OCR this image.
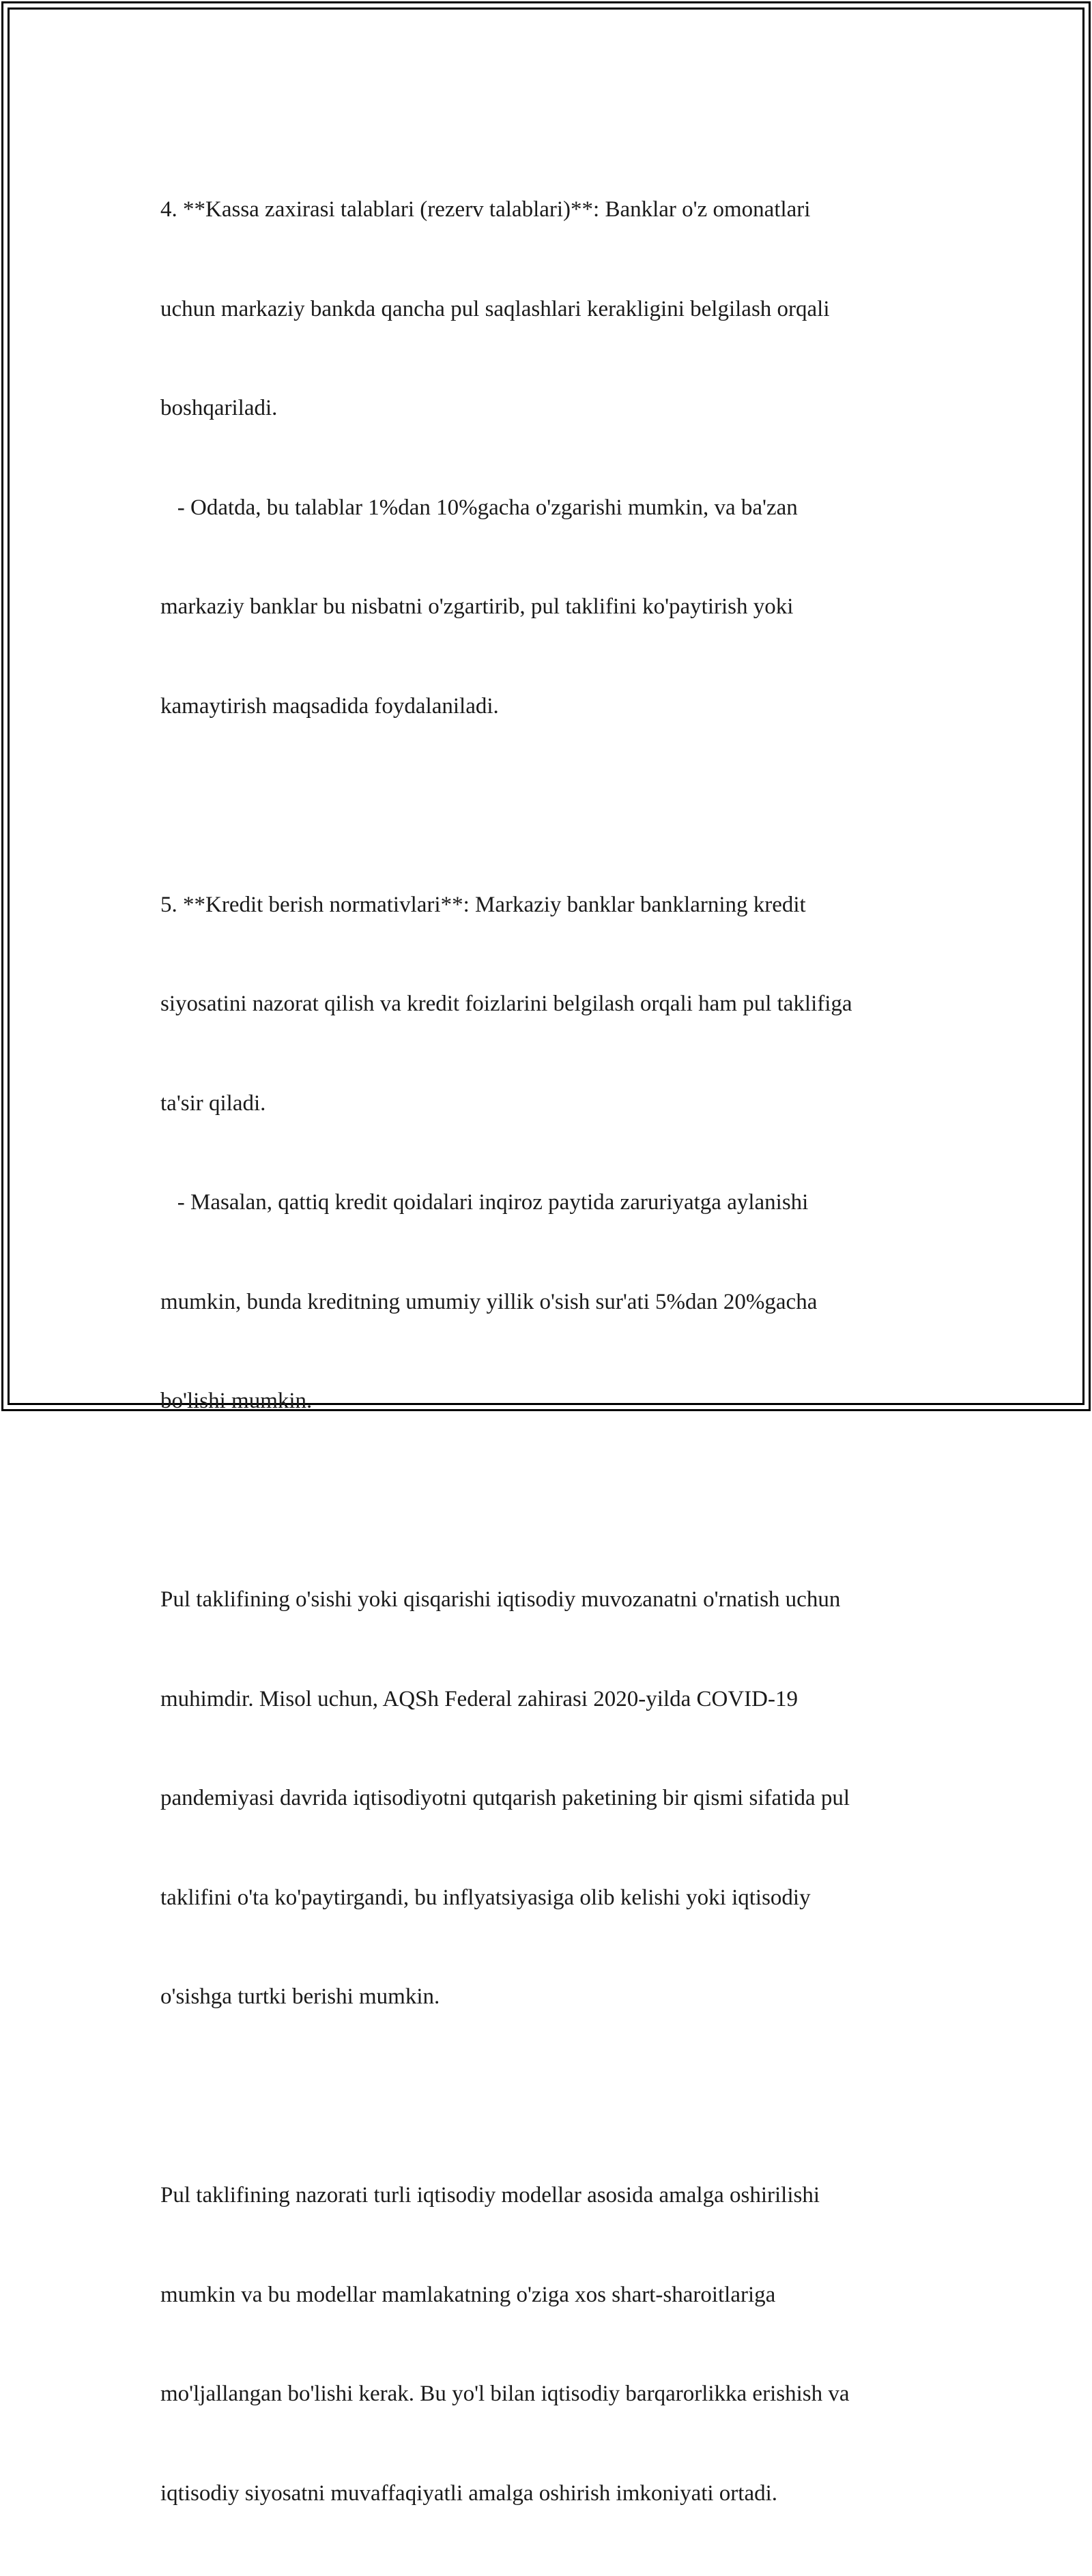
4. **Kassa zaxirasi talablari (rezerv talablari)**: Banklar o'z omonatlari

uchun markaziy bankda qancha pul saqlashlari kerakligini belgilash orqali

boshqariladi.

- Odatda, bu talablar 1%dan 10%gacha o'zgarishi mumkin, va ba'zan

markaziy banklar bu nisbatni o'zgartirib, pul taklifini ko'paytirish yoki

kamaytirish maqsadida foydalaniladi.

5. **Kredit berish normativlari**: Markaziy banklar banklarning kredit

siyosatini nazorat qilish va kredit foizlarini belgilash orqali ham pul taklifiga

ta'sir qiladi.

- Masalan, qattiq kredit qoidalari inqiroz paytida zaruriyatga aylanishi

mumkin, bunda kreditning umumiy yillik o'sish sur'ati 5%dan 20%gacha

bo'lishi mumkin.

Pul taklifining o'sishi yoki qisqarishi iqtisodiy muvozanatni o'rnatish uchun

muhimdir. Misol uchun, AQSh Federal zahirasi 2020-yilda COVID-19

pandemiyasi davrida iqtisodiyotni qutqarish paketining bir qismi sifatida pul

taklifini o'ta ko'paytirgandi, bu inflyatsiyasiga olib kelishi yoki iqtisodiy

o'sishga turtki berishi mumkin.

Pul taklifining nazorati turli iqtisodiy modellar asosida amalga oshirilishi

mumkin va bu modellar mamlakatning o'ziga xos shart-sharoitlariga

mo'ljallangan bo'lishi kerak. Bu yo'l bilan iqtisodiy barqarorlikka erishish va

iqtisodiy siyosatni muvaffaqiyatli amalga oshirish imkoniyati ortadi.
